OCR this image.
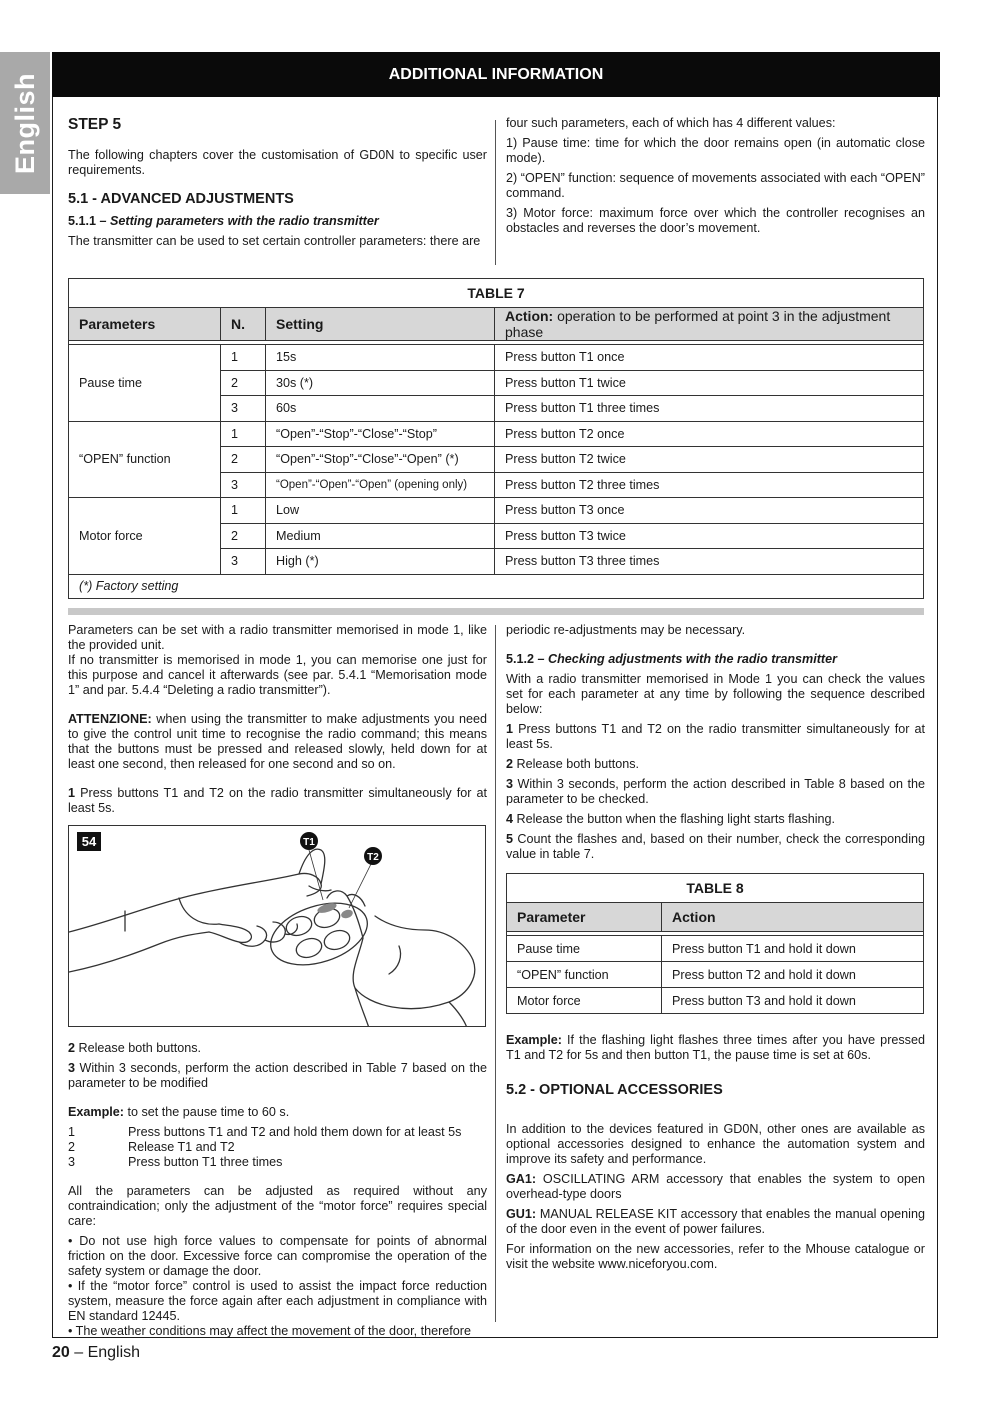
English	ADDITIONAL INFORMATION
STEP 5

The following chapters cover the customisation of GD0N to specific user requirements.

5.1 - ADVANCED ADJUSTMENTS
5.1.1 – Setting parameters with the radio transmitter

The transmitter can be used to set certain controller parameters: there are

four such parameters, each of which has 4 different values:

1) Pause time: time for which the door remains open (in automatic close mode).

2) “OPEN” function: sequence of movements associated with each “OPEN” command.

3) Motor force: maximum force over which the controller recognises an obstacles and reverses the door’s movement.

TABLE 7			
Parameters	N.	Setting	Action: operation to be performed at point 3 in the adjustment phase

Pause time	1	15s	Press button T1 once
	2	30s (*)	Press button T1 twice
	3	60s	Press button T1 three times
“OPEN” function	1	“Open”-“Stop”-“Close”-“Stop”	Press button T2 once
	2	“Open”-“Stop”-“Close”-“Open” (*)	Press button T2 twice
	3	“Open”-“Open”-“Open” (opening only)	Press button T2 three times
Motor force	1	Low	Press button T3 once
	2	Medium	Press button T3 twice
	3	High (*)	Press button T3 three times
(*) Factory setting			

Parameters can be set with a radio transmitter memorised in mode 1, like the provided unit.

If no transmitter is memorised in mode 1, you can memorise one just for this purpose and cancel it afterwards (see par. 5.4.1 “Memorisation mode 1” and par. 5.4.4 “Deleting a radio transmitter”).

ATTENZIONE: when using the transmitter to make adjustments you need to give the control unit time to recognise the radio command; this means that the buttons must be pressed and released slowly, held down for at least one second, then released for one second and so on.

1 Press buttons T1 and T2 on the radio transmitter simultaneously for at least 5s.

T1
T2
54

2 Release both buttons.

3 Within 3 seconds, perform the action described in Table 7 based on the parameter to be modified

Example: to set the pause time to 60 s.

1	Press buttons T1 and T2 and hold them down for at least 5s
2	Release T1 and T2
3	Press button T1 three times

All the parameters can be adjusted as required without any contraindication; only the adjustment of the “motor force” requires special care:

• Do not use high force values to compensate for points of abnormal friction on the door. Excessive force can compromise the operation of the safety system or damage the door.

• If the “motor force” control is used to assist the impact force reduction system, measure the force again after each adjustment in compliance with EN standard 12445.

• The weather conditions may affect the movement of the door, therefore

periodic re-adjustments may be necessary.

5.1.2 – Checking adjustments with the radio transmitter

With a radio transmitter memorised in Mode 1 you can check the values set for each parameter at any time by following the sequence described below:

1 Press buttons T1 and T2 on the radio transmitter simultaneously for at least 5s.

2 Release both buttons.

3 Within 3 seconds, perform the action described in Table 8 based on the parameter to be checked.

4 Release the button when the flashing light starts flashing.

5 Count the flashes and, based on their number, check the corresponding value in table 7.

TABLE 8	
Parameter	Action

Pause time	Press button T1 and hold it down
“OPEN” function	Press button T2 and hold it down
Motor force	Press button T3 and hold it down

Example: If the flashing light flashes three times after you have pressed T1 and T2 for 5s and then button T1, the pause time is set at 60s.

5.2 - OPTIONAL ACCESSORIES

In addition to the devices featured in GD0N, other ones are available as optional accessories designed to enhance the automation system and improve its safety and performance.

GA1: OSCILLATING ARM accessory that enables the system to open overhead-type doors

GU1: MANUAL RELEASE KIT accessory that enables the manual opening of the door even in the event of power failures.

For information on the new accessories, refer to the Mhouse catalogue or visit the website www.niceforyou.com.

20 – English
